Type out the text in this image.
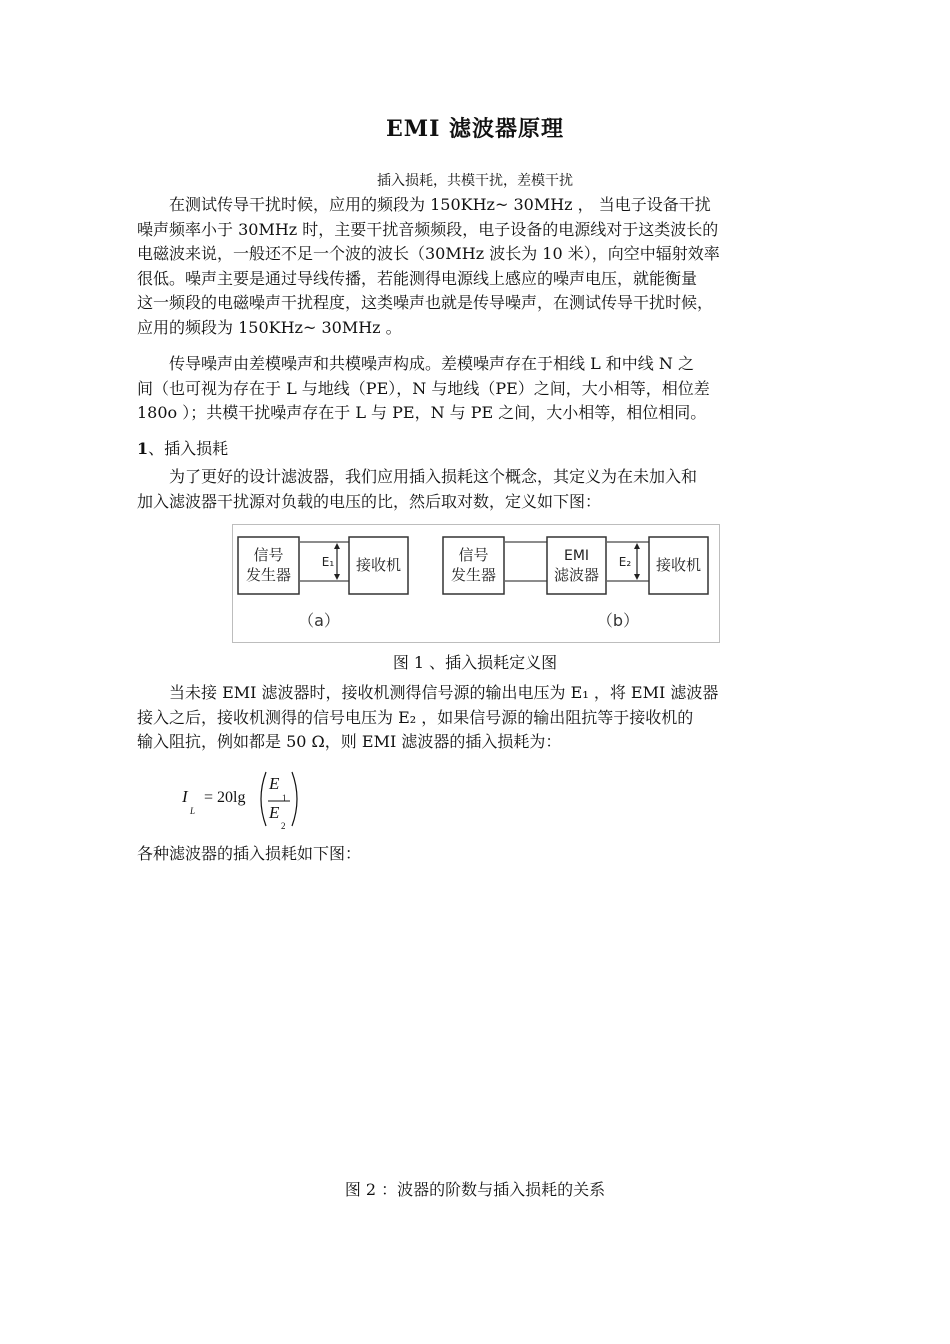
EMI 滤波器原理
插入损耗，共模干扰，差模干扰

在测试传导干扰时候，应用的频段为 150KHz~ 30MHz ， 当电子设备干扰

噪声频率小于 30MHz 时，主要干扰音频频段，电子设备的电源线对于这类波长的

电磁波来说，一般还不足一个波的波长（30MHz 波长为 10 米），向空中辐射效率

很低。噪声主要是通过导线传播，若能测得电源线上感应的噪声电压，就能衡量

这一频段的电磁噪声干扰程度，这类噪声也就是传导噪声，在测试传导干扰时候，

应用的频段为 150KHz~ 30MHz 。

传导噪声由差模噪声和共模噪声构成。差模噪声存在于相线 L 和中线 N 之

间（也可视为存在于 L 与地线（PE），N 与地线（PE）之间，大小相等，相位差

180o ）；共模干扰噪声存在于 L 与 PE，N 与 PE 之间，大小相等，相位相同。

1、插入损耗

为了更好的设计滤波器，我们应用插入损耗这个概念，其定义为在未加入和

加入滤波器干扰源对负载的电压的比，然后取对数，定义如下图：

信号
发生器
E₁ 接收机
（a）
信号
发生器
EMI
滤波器
E₂ 接收机
（b）
图 1 、插入损耗定义图

当未接 EMI 滤波器时，接收机测得信号源的输出电压为 E₁ ，将 EMI 滤波器

接入之后，接收机测得的信号电压为 E₂ ，如果信号源的输出阻抗等于接收机的

输入阻抗，例如都是 50 Ω，则 EMI 滤波器的插入损耗为：

I
L
= 20lg
E
1
E
2

各种滤波器的插入损耗如下图：

图 2 ：波器的阶数与插入损耗的关系
